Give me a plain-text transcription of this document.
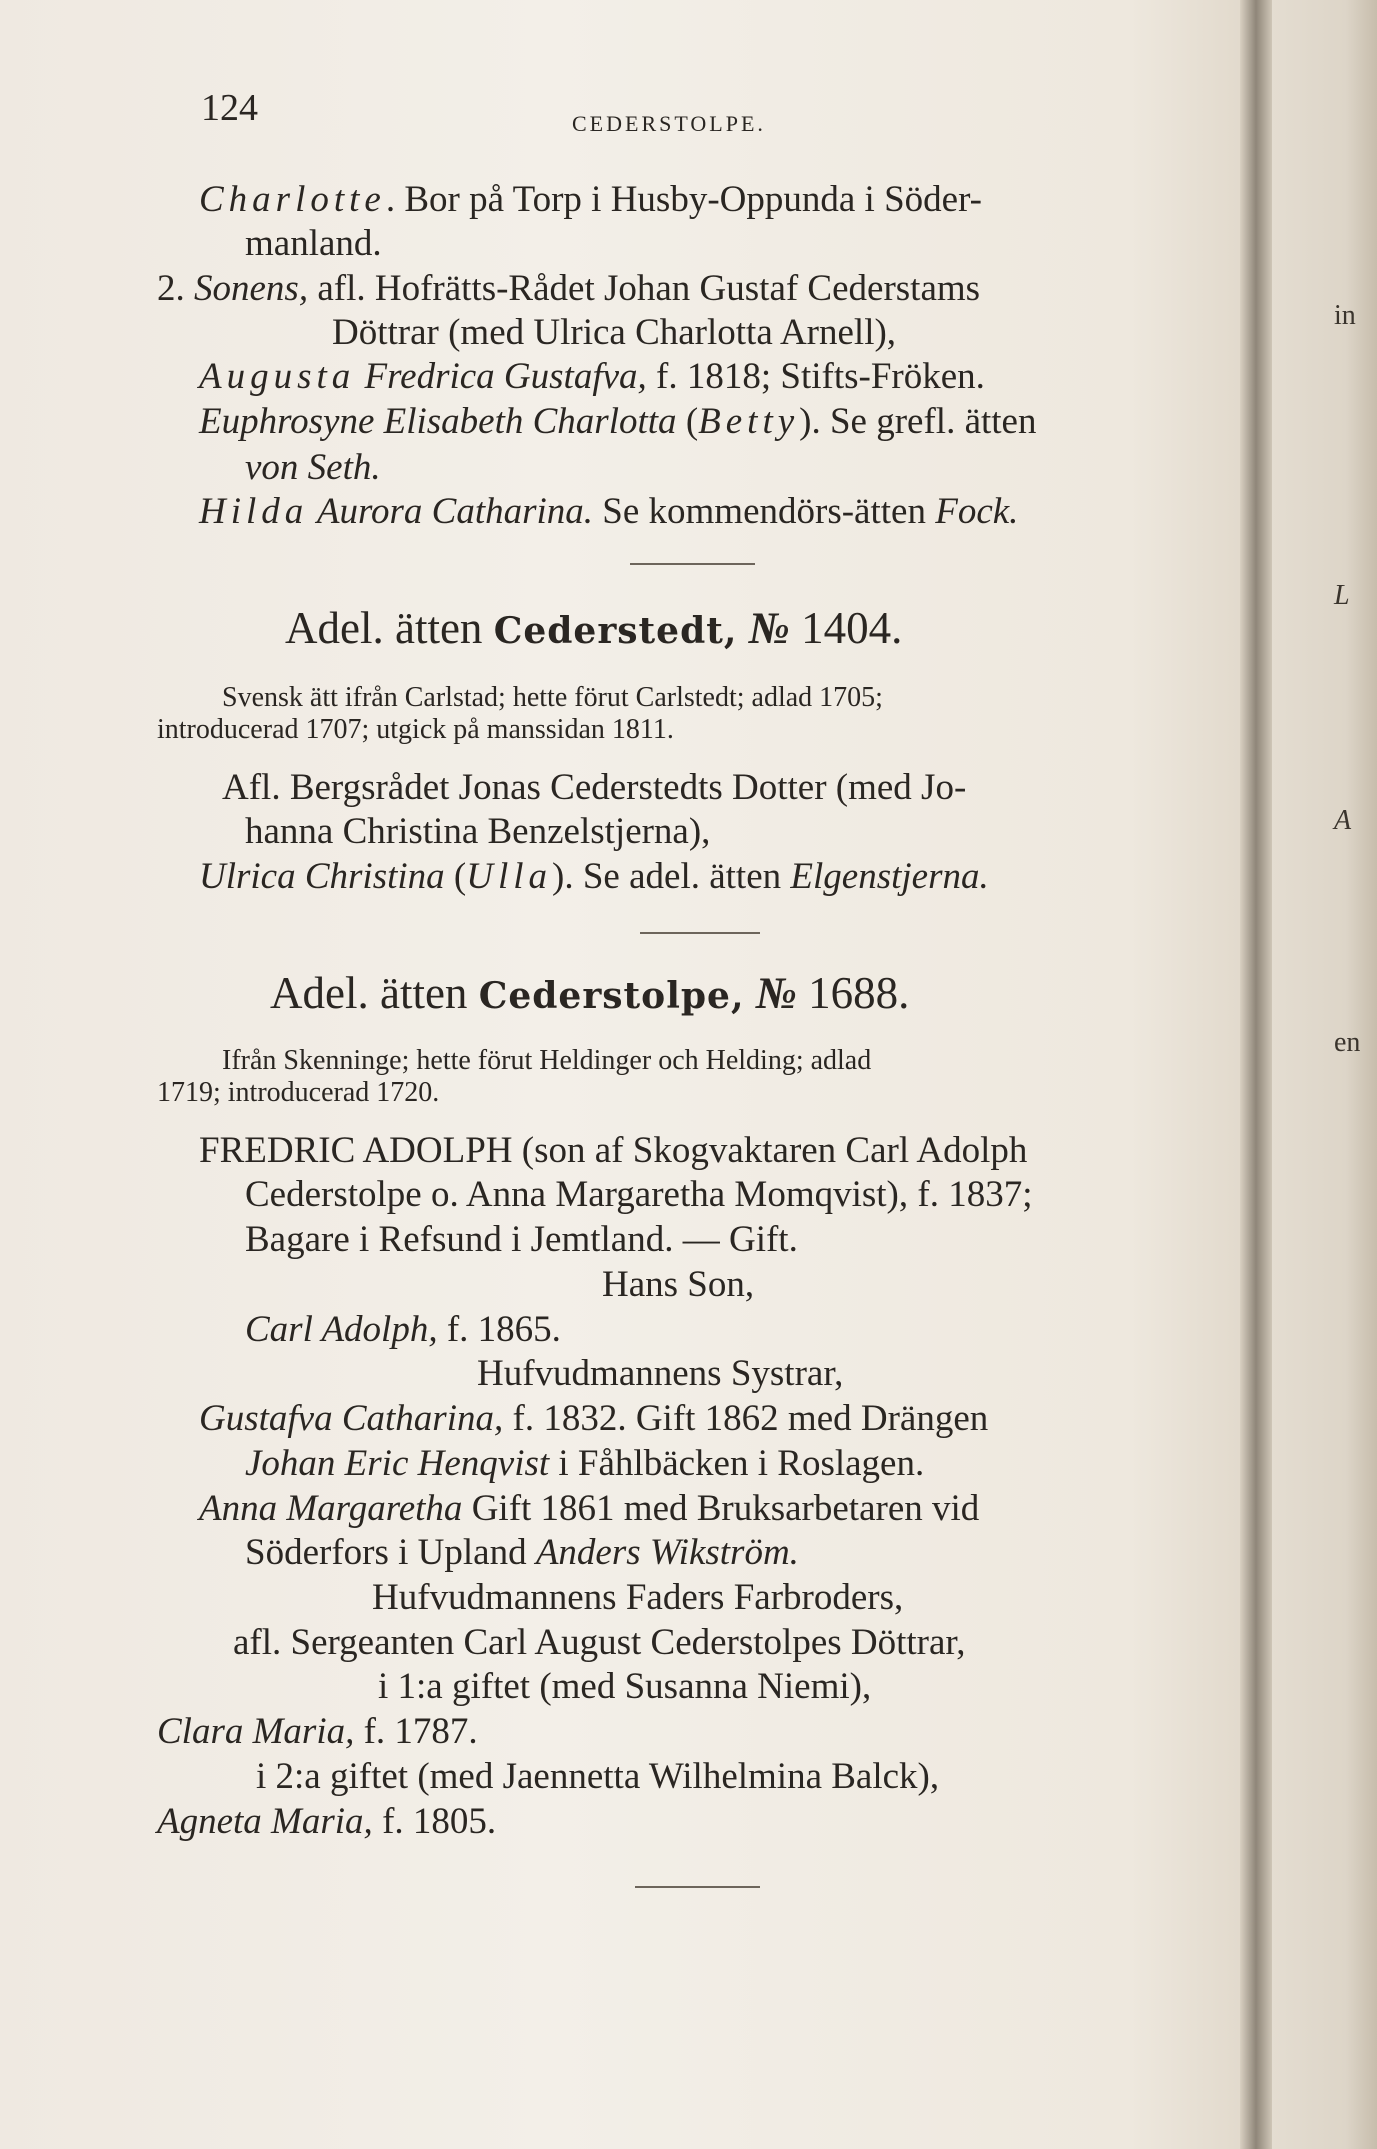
124	CEDERSTOLPE.
Charlotte. Bor på Torp i Husby-Oppunda i Söder-
manland.
2. Sonens, afl. Hofrätts-Rådet Johan Gustaf Cederstams
Döttrar (med Ulrica Charlotta Arnell),
Augusta Fredrica Gustafva, f. 1818; Stifts-Fröken.
Euphrosyne Elisabeth Charlotta (Betty). Se grefl. ätten
von Seth.
Hilda Aurora Catharina. Se kommendörs-ätten Fock.
Adel. ätten Cederstedt, № 1404.
Svensk ätt ifrån Carlstad; hette förut Carlstedt; adlad 1705;
introducerad 1707; utgick på manssidan 1811.
Afl. Bergsrådet Jonas Cederstedts Dotter (med Jo-
hanna Christina Benzelstjerna),
Ulrica Christina (Ulla). Se adel. ätten Elgenstjerna.
Adel. ätten Cederstolpe, № 1688.
Ifrån Skenninge; hette förut Heldinger och Helding; adlad
1719; introducerad 1720.
FREDRIC ADOLPH (son af Skogvaktaren Carl Adolph
Cederstolpe o. Anna Margaretha Momqvist), f. 1837;
Bagare i Refsund i Jemtland. — Gift.
Hans Son,
Carl Adolph, f. 1865.
Hufvudmannens Systrar,
Gustafva Catharina, f. 1832. Gift 1862 med Drängen
Johan Eric Henqvist i Fåhlbäcken i Roslagen.
Anna Margaretha Gift 1861 med Bruksarbetaren vid
Söderfors i Upland Anders Wikström.
Hufvudmannens Faders Farbroders,
afl. Sergeanten Carl August Cederstolpes Döttrar,
i 1:a giftet (med Susanna Niemi),
Clara Maria, f. 1787.
i 2:a giftet (med Jaennetta Wilhelmina Balck),
Agneta Maria, f. 1805.
in
L
A
en
